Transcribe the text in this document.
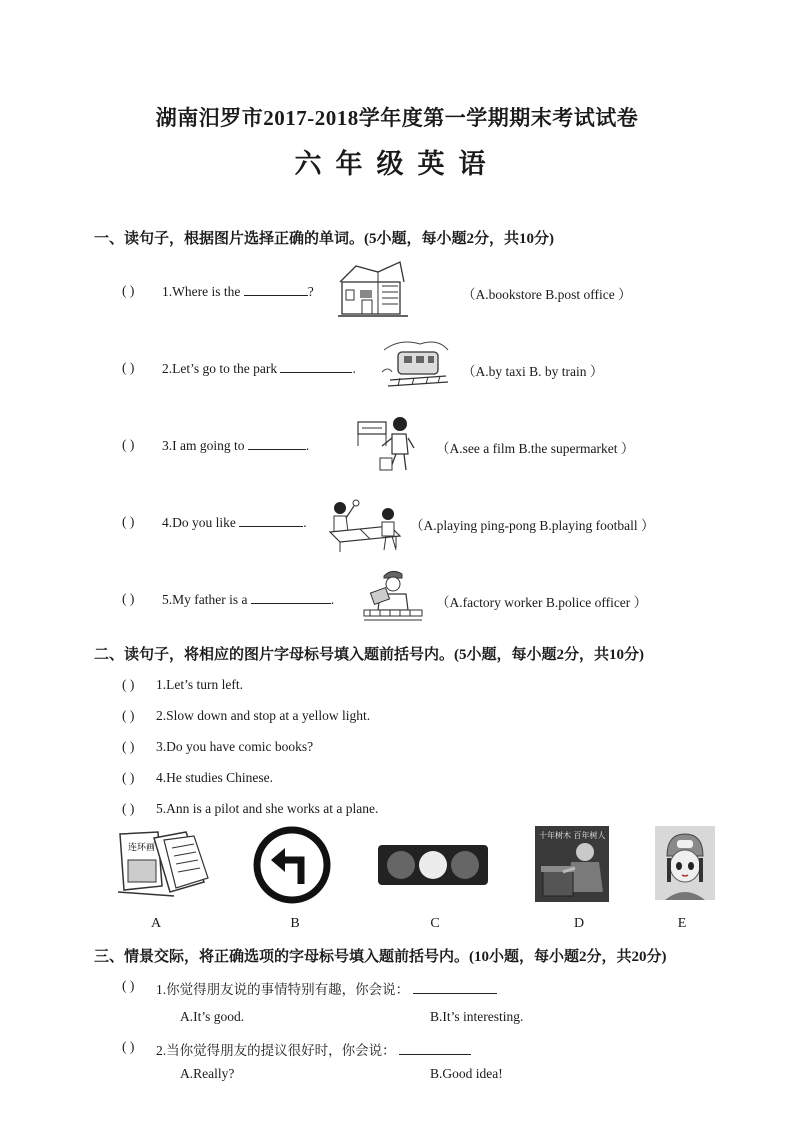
湖南汨罗市2017-2018学年度第一学期期末考试试卷
六年级英语
一、读句子，根据图片选择正确的单词。(5小题，每小题2分，共10分)
( ) 1.Where is the	?	（A.bookstore B.post office ）
( ) 2.Let’s go to the park	.	（A.by taxi B. by train ）
( ) 3.I am going to	.	（A.see a film B.the supermarket ）
( ) 4.Do you like	.	（A.playing ping-pong B.playing football ）
( ) 5.My father is a	.	（A.factory worker B.police officer ）
二、读句子，将相应的图片字母标号填入题前括号内。(5小题，每小题2分，共10分)
( ) 1.Let’s turn left.
( ) 2.Slow down and stop at a yellow light.
( ) 3.Do you have comic books?
( ) 4.He studies Chinese.
( ) 5.Ann is a pilot and she works at a plane.
连环画
A	B	C
十年树木 百年树人
D	E
三、情景交际，将正确选项的字母标号填入题前括号内。(10小题，每小题2分，共20分)
( ) 1.你觉得朋友说的事情特别有趣，你会说：
A.It’s good.	B.It’s interesting.
( ) 2.当你觉得朋友的提议很好时，你会说：
A.Really?	B.Good idea!
